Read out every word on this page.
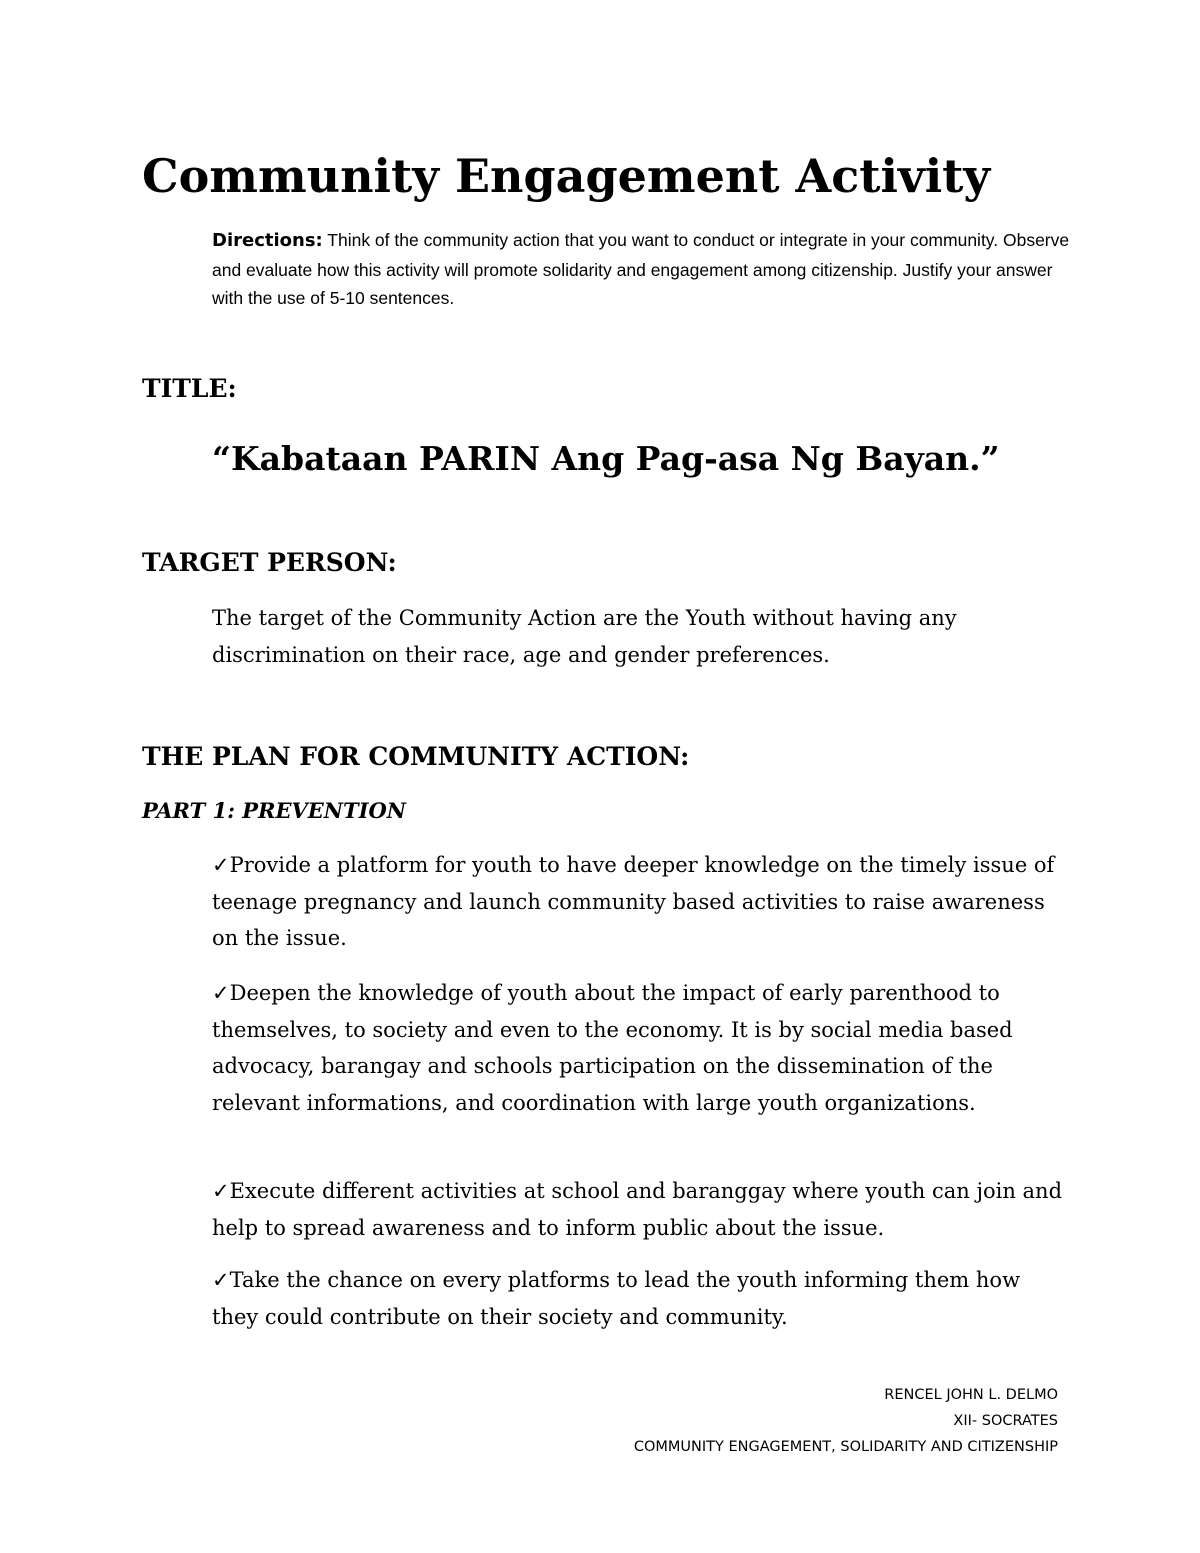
Community Engagement Activity

Directions: Think of the community action that you want to conduct or integrate in your community. Observe and evaluate how this activity will promote solidarity and engagement among citizenship. Justify your answer with the use of 5-10 sentences.

TITLE:

“Kabataan PARIN Ang Pag-asa Ng Bayan.”

TARGET PERSON:

The target of the Community Action are the Youth without having any discrimination on their race, age and gender preferences.

THE PLAN FOR COMMUNITY ACTION:
PART 1: PREVENTION

✓Provide a platform for youth to have deeper knowledge on the timely issue of teenage pregnancy and launch community based activities to raise awareness on the issue.

✓Deepen the knowledge of youth about the impact of early parenthood to themselves, to society and even to the economy. It is by social media based advocacy, barangay and schools participation on the dissemination of the relevant informations, and coordination with large youth organizations.

✓Execute different activities at school and baranggay where youth can join and help to spread awareness and to inform public about the issue.

✓Take the chance on every platforms to lead the youth informing them how they could contribute on their society and community.

RENCEL JOHN L. DELMO
XII- SOCRATES
COMMUNITY ENGAGEMENT, SOLIDARITY AND CITIZENSHIP
